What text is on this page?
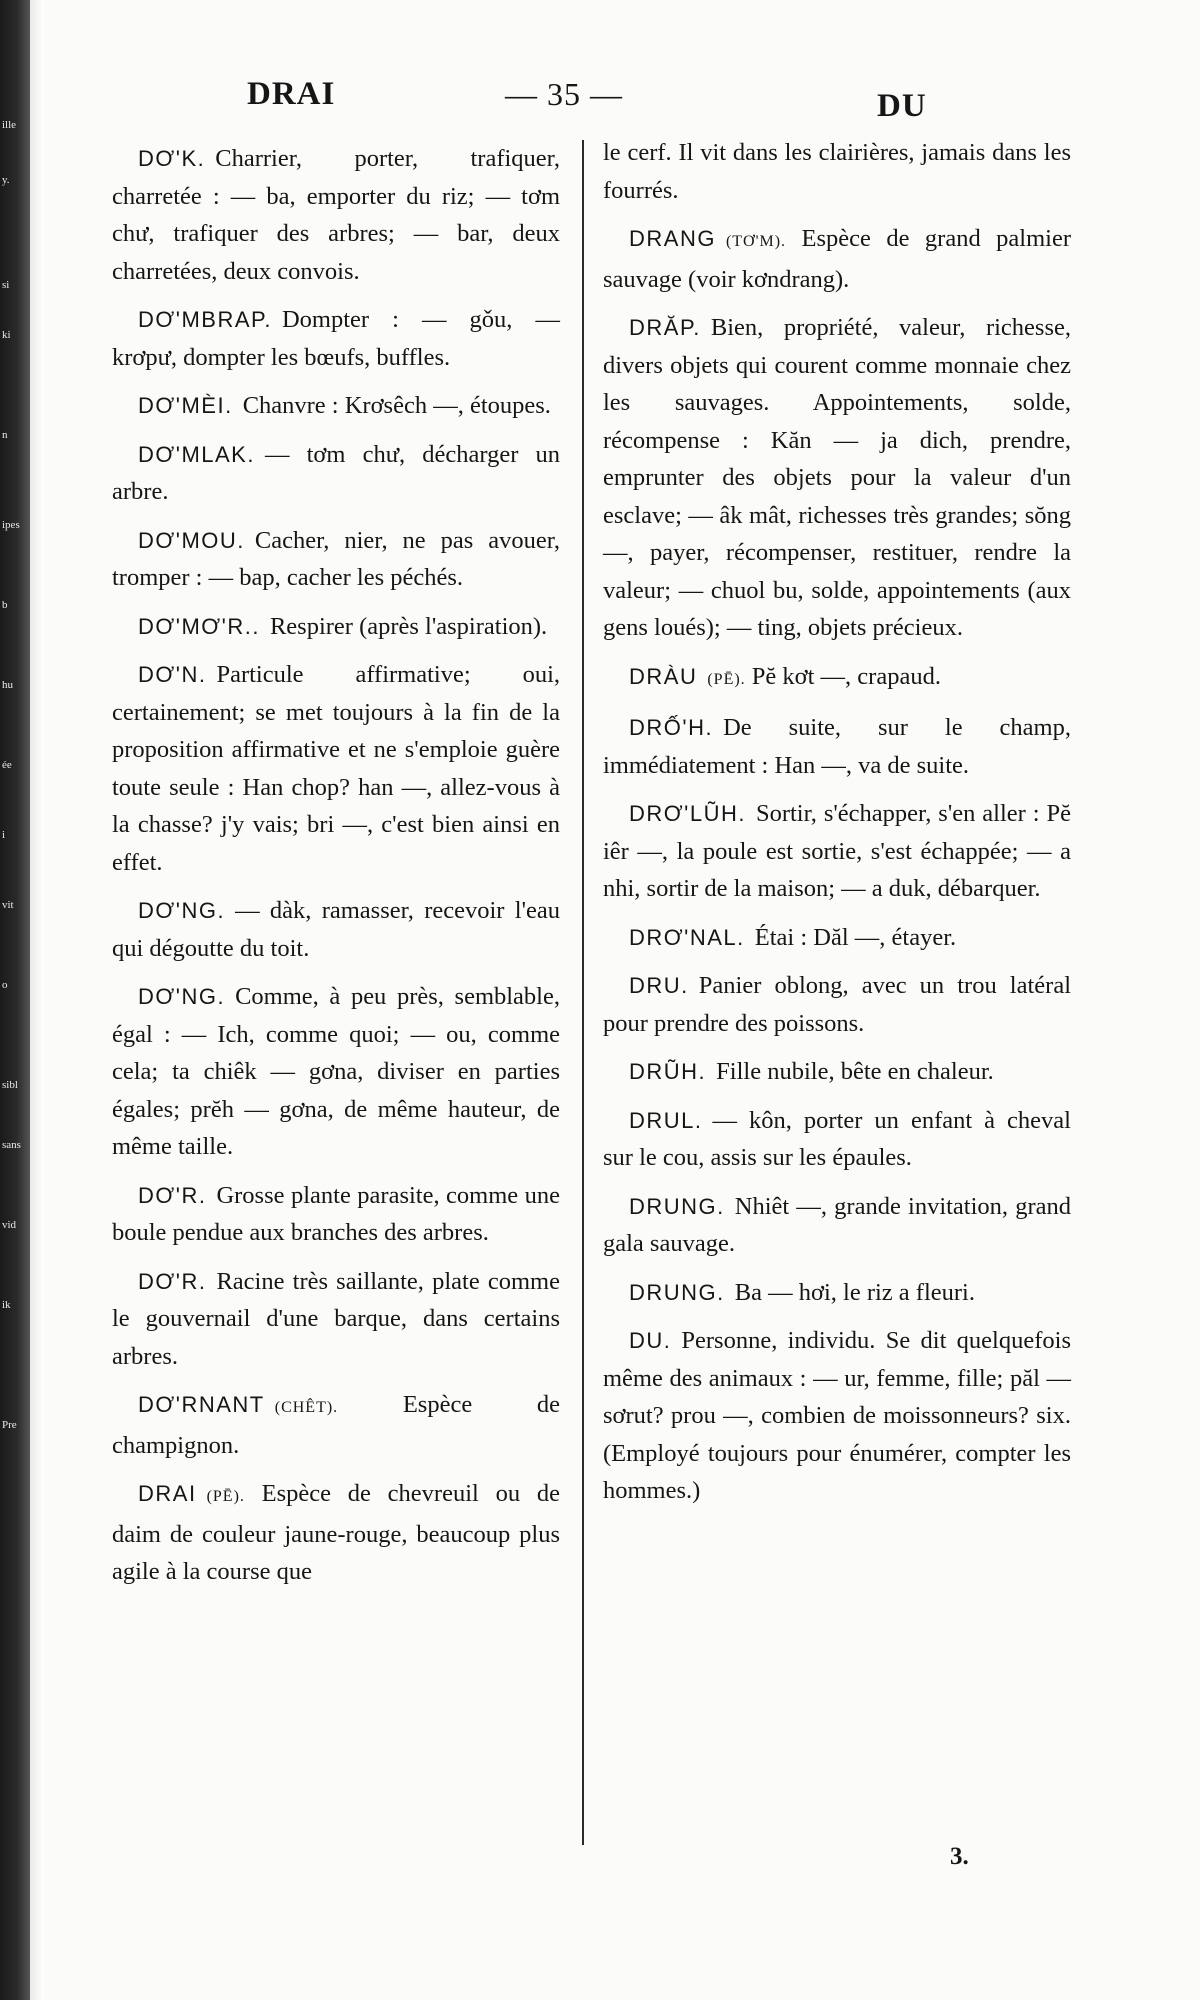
ille
y.
si
ki
n
ipes
b
hu
ée
i
vit
o
sibl
sans
vid
ik
Pre
DRAI	— 35 —	DU

DƠ'K. Charrier, porter, trafiquer, charretée : — ba, emporter du riz; — tơm chư, trafiquer des arbres; — bar, deux charretées, deux convois.

DƠ'MBRAP. Dompter : — gǒu, — krơpư, dompter les bœufs, buffles.

DƠ'MÈI. Chanvre : Krơsêch —, étoupes.

DƠ'MLAK. — tơm chư, décharger un arbre.

DƠ'MOU. Cacher, nier, ne pas avouer, tromper : — bap, cacher les péchés.

DƠ'MƠ'R.. Respirer (après l'aspiration).

DƠ'N. Particule affirmative; oui, certainement; se met toujours à la fin de la proposition affirmative et ne s'emploie guère toute seule : Han chop? han —, allez-vous à la chasse? j'y vais; bri —, c'est bien ainsi en effet.

DƠ'NG. — dàk, ramasser, recevoir l'eau qui dégoutte du toit.

DƠ'NG. Comme, à peu près, semblable, égal : — Ich, comme quoi; — ou, comme cela; ta chiêk — gơna, diviser en parties égales; prĕh — gơna, de même hauteur, de même taille.

DƠ'R. Grosse plante parasite, comme une boule pendue aux branches des arbres.

DƠ'R. Racine très saillante, plate comme le gouvernail d'une barque, dans certains arbres.

DƠ'RNANT (CHÊT).	Espèce de champignon.

DRAI (PĒ). Espèce de chevreuil ou de daim de couleur jaune-rouge, beaucoup plus agile à la course que

le cerf. Il vit dans les clairières, jamais dans les fourrés.

DRANG (TƠ'M). Espèce de grand palmier sauvage (voir kơndrang).

DRĂP. Bien, propriété, valeur, richesse, divers objets qui courent comme monnaie chez les sauvages. Appointements, solde, récompense : Kăn — ja dich, prendre, emprunter des objets pour la valeur d'un esclave; — âk mât, richesses très grandes; sŏng —, payer, récompenser, restituer, rendre la valeur; — chuol bu, solde, appointements (aux gens loués); — ting, objets précieux.

DRÀU (PĒ). Pĕ kơt —, crapaud.

DRỐ'H. De suite, sur le champ, immédiatement : Han —, va de suite.

DRƠ'LŨH. Sortir, s'échapper, s'en aller : Pĕ iêr —, la poule est sortie, s'est échappée; — a nhi, sortir de la maison; — a duk, débarquer.

DRƠ'NAL. Étai : Dăl —, étayer.

DRU. Panier oblong, avec un trou latéral pour prendre des poissons.

DRŨH. Fille nubile, bête en chaleur.

DRUL. — kôn, porter un enfant à cheval sur le cou, assis sur les épaules.

DRUNG. Nhiêt —, grande invitation, grand gala sauvage.

DRUNG. Ba — hơi, le riz a fleuri.

DU. Personne, individu. Se dit quelquefois même des animaux : — ur, femme, fille; păl — sơrut? prou —, combien de moissonneurs? six. (Employé toujours pour énumérer, compter les hommes.)

3.
